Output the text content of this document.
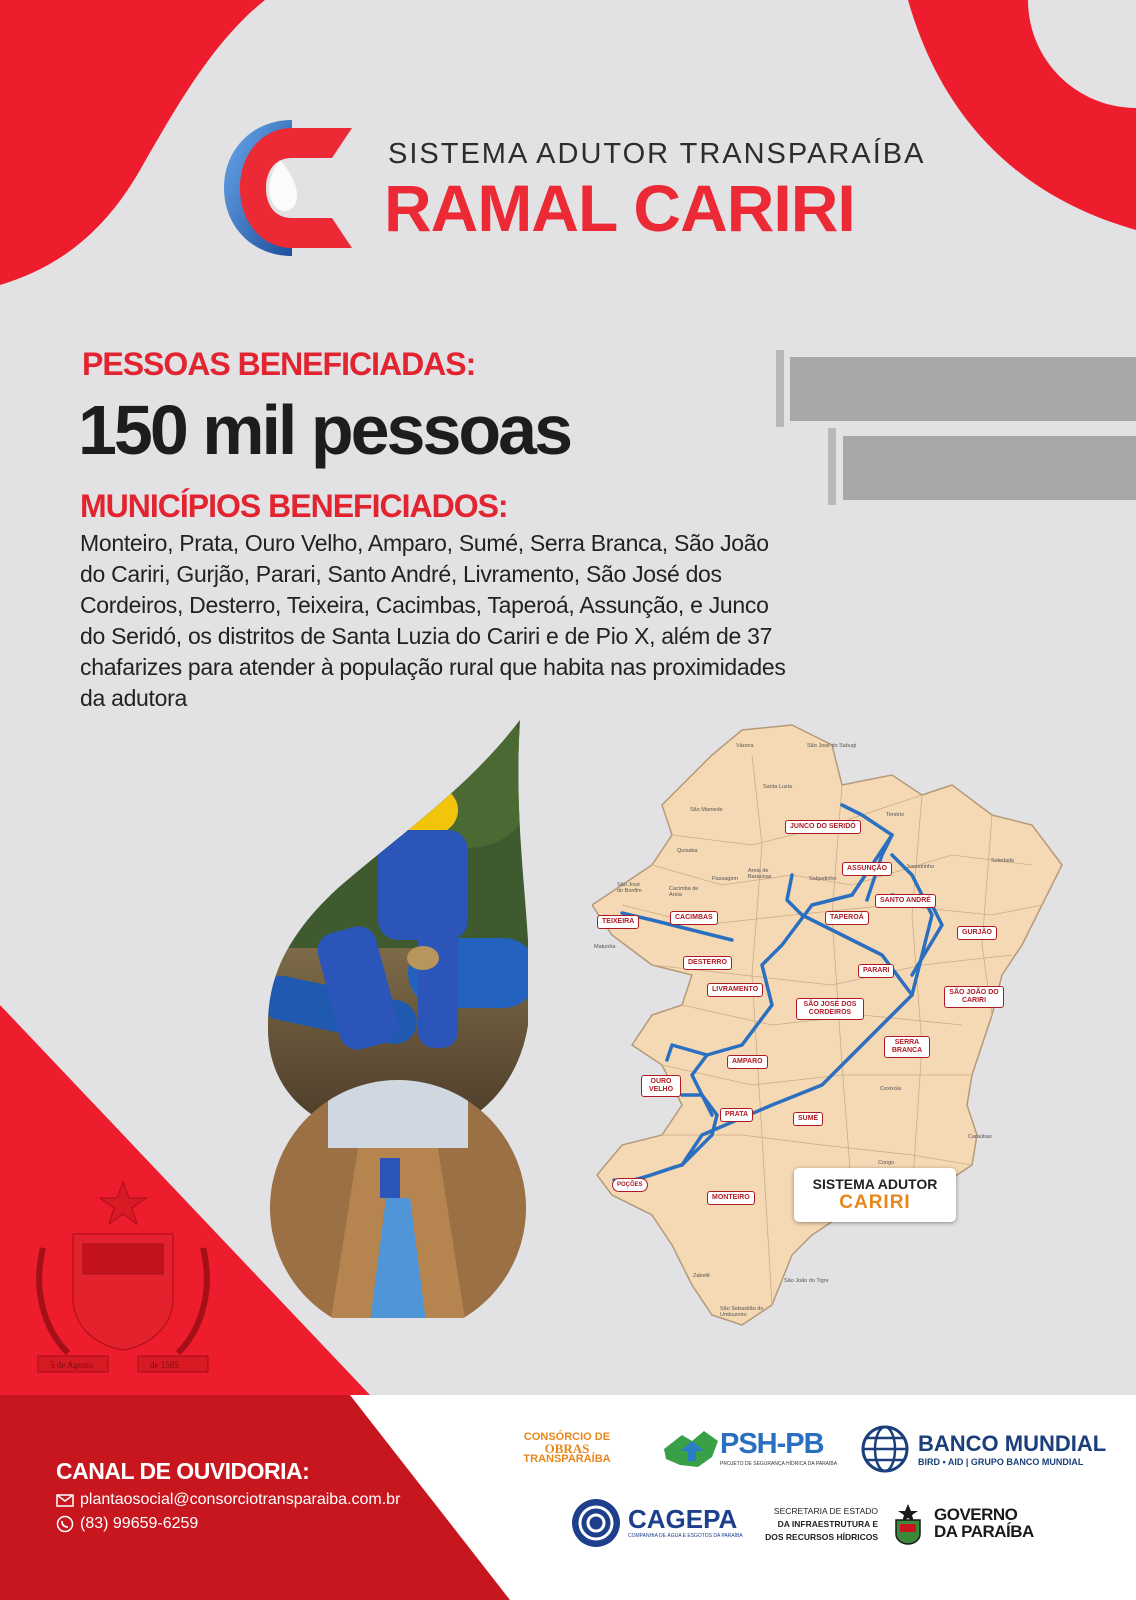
SISTEMA ADUTOR TRANSPARAÍBA
RAMAL CARIRI
PESSOAS BENEFICIADAS:
150 mil pessoas
MUNICÍPIOS BENEFICIADOS:
Monteiro, Prata, Ouro Velho, Amparo, Sumé, Serra Branca, São João do Cariri, Gurjão, Parari, Santo André, Livramento, São José dos Cordeiros, Desterro, Teixeira, Cacimbas, Taperoá, Assunção, e Junco do Seridó, os distritos de Santa Luzia do Cariri e de Pio X, além de 37 chafarizes para atender à população rural que habita nas proximidades da adutora
JUNCO DO SERIDÓ
ASSUNÇÃO
SANTO ANDRÉ
TEIXEIRA
CACIMBAS	TAPEROÁ
GURJÃO
DESTERRO
PARARI
LIVRAMENTO	SÃO JOÃO DO CARIRI
SÃO JOSÉ DOS CORDEIROS
SERRA BRANCA
AMPARO
OURO VELHO
PRATA
SUMÉ
MONTEIRO
POÇÕES
Várzea	São José do Sabugi
Santa Luzia
São Mamede
Tenório
Juazeirinho
Soledade
Salgadinho
Areia de Baraúnas
Passagem
Quixaba
Cacimba de Areia
São José do Bonfim
Maturéia
Coxixola
Caraúbas
Congo
Zabelê
São João do Tigre
São Sebastião do Umbuzeiro
SISTEMA ADUTOR
CARIRI
5 de Agosto	de 1585
CANAL DE OUVIDORIA:
plantaosocial@consorciotransparaiba.com.br
(83) 99659-6259
CONSÓRCIO DE
OBRAS
TRANSPARAÍBA	PSH-PB
PROJETO DE SEGURANÇA HÍDRICA DA PARAÍBA
BANCO MUNDIAL
BIRD • AID | GRUPO BANCO MUNDIAL
CAGEPA
COMPANHIA DE ÁGUA E ESGOTOS DA PARAÍBA
SECRETARIA DE ESTADO
DA INFRAESTRUTURA E
DOS RECURSOS HÍDRICOS
GOVERNO
DA PARAÍBA
